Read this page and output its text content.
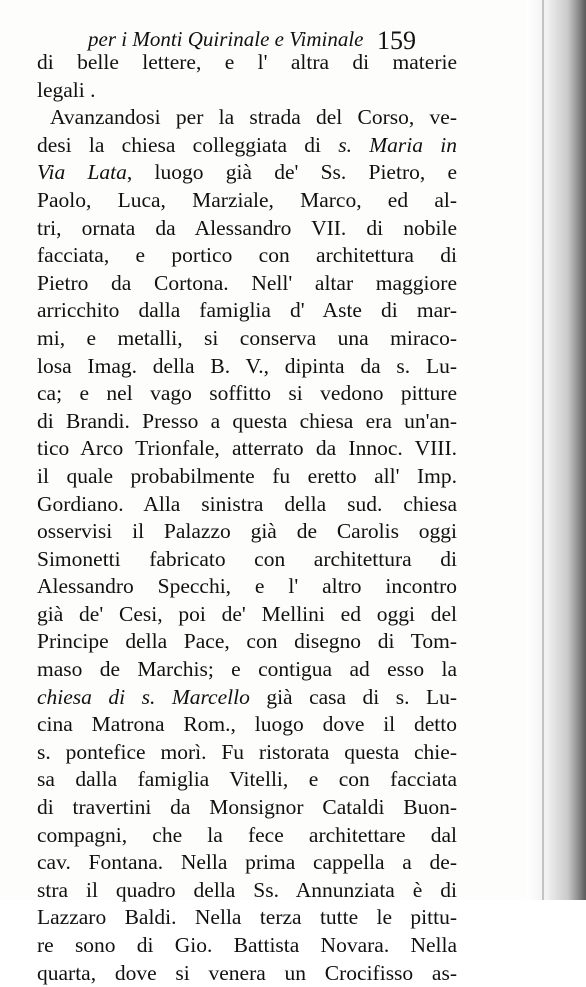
per i Monti Quirinale e Viminale 159
di belle lettere, e l' altra di materie
legali .
Avanzandosi per la strada del Corso, ve-
desi la chiesa colleggiata di s. Maria in
Via Lata, luogo già de' Ss. Pietro, e
Paolo, Luca, Marziale, Marco, ed al-
tri, ornata da Alessandro VII. di nobile
facciata, e portico con architettura di
Pietro da Cortona. Nell' altar maggiore
arricchito dalla famiglia d' Aste di mar-
mi, e metalli, si conserva una miraco-
losa Imag. della B. V., dipinta da s. Lu-
ca; e nel vago soffitto si vedono pitture
di Brandi. Presso a questa chiesa era un'an-
tico Arco Trionfale, atterrato da Innoc. VIII.
il quale probabilmente fu eretto all' Imp.
Gordiano. Alla sinistra della sud. chiesa
osservisi il Palazzo già de Carolis oggi
Simonetti fabricato con architettura di
Alessandro Specchi, e l' altro incontro
già de' Cesi, poi de' Mellini ed oggi del
Principe della Pace, con disegno di Tom-
maso de Marchis; e contigua ad esso la
chiesa di s. Marcello già casa di s. Lu-
cina Matrona Rom., luogo dove il detto
s. pontefice morì. Fu ristorata questa chie-
sa dalla famiglia Vitelli, e con facciata
di travertini da Monsignor Cataldi Buon-
compagni, che la fece architettare dal
cav. Fontana. Nella prima cappella a de-
stra il quadro della Ss. Annunziata è di
Lazzaro Baldi. Nella terza tutte le pittu-
re sono di Gio. Battista Novara. Nella
quarta, dove si venera un Crocifisso as-
